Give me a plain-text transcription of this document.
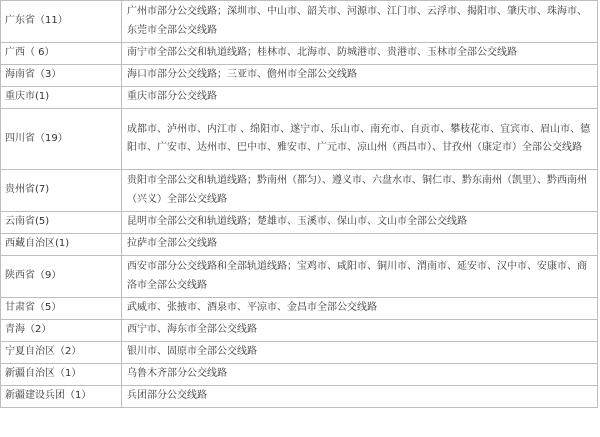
广东省（11）	广州市部分公交线路；深圳市、中山市、韶关市、河源市、江门市、云浮市、揭阳市、肇庆市、珠海市、东莞市全部公交线路
广西（ 6）	南宁市全部公交和轨道线路；桂林市、北海市、防城港市、贵港市、玉林市全部公交线路
海南省（3）	海口市部分公交线路；三亚市、儋州市全部公交线路
重庆市(1)	重庆市部分公交线路
四川省（19）	成都市、泸州市、内江市 、绵阳市、遂宁市、乐山市、南充市、自贡市、攀枝花市、宜宾市、眉山市、德阳市、广安市、达州市、巴中市、雅安市、广元市、凉山州（西昌市）、甘孜州（康定市）全部公交线路
贵州省(7)	贵阳市全部公交和轨道线路；黔南州（都匀）、遵义市、六盘水市、铜仁市、黔东南州（凯里）、黔西南州（兴义）全部公交线路
云南省(5)	昆明市全部公交和轨道线路；楚雄市、玉溪市、保山市、文山市全部公交线路
西藏自治区(1)	拉萨市全部公交线路
陕西省（9）	西安市部分公交线路和全部轨道线路；宝鸡市、咸阳市、铜川市、渭南市、延安市、汉中市、安康市、商洛市全部公交线路
甘肃省（5）	武威市、张掖市、酒泉市、平凉市、金昌市全部公交线路
青海（2）	西宁市、海东市全部公交线路
宁夏自治区（2）	银川市、固原市全部公交线路
新疆自治区（1）	乌鲁木齐部分公交线路
新疆建设兵团（1）	兵团部分公交线路
